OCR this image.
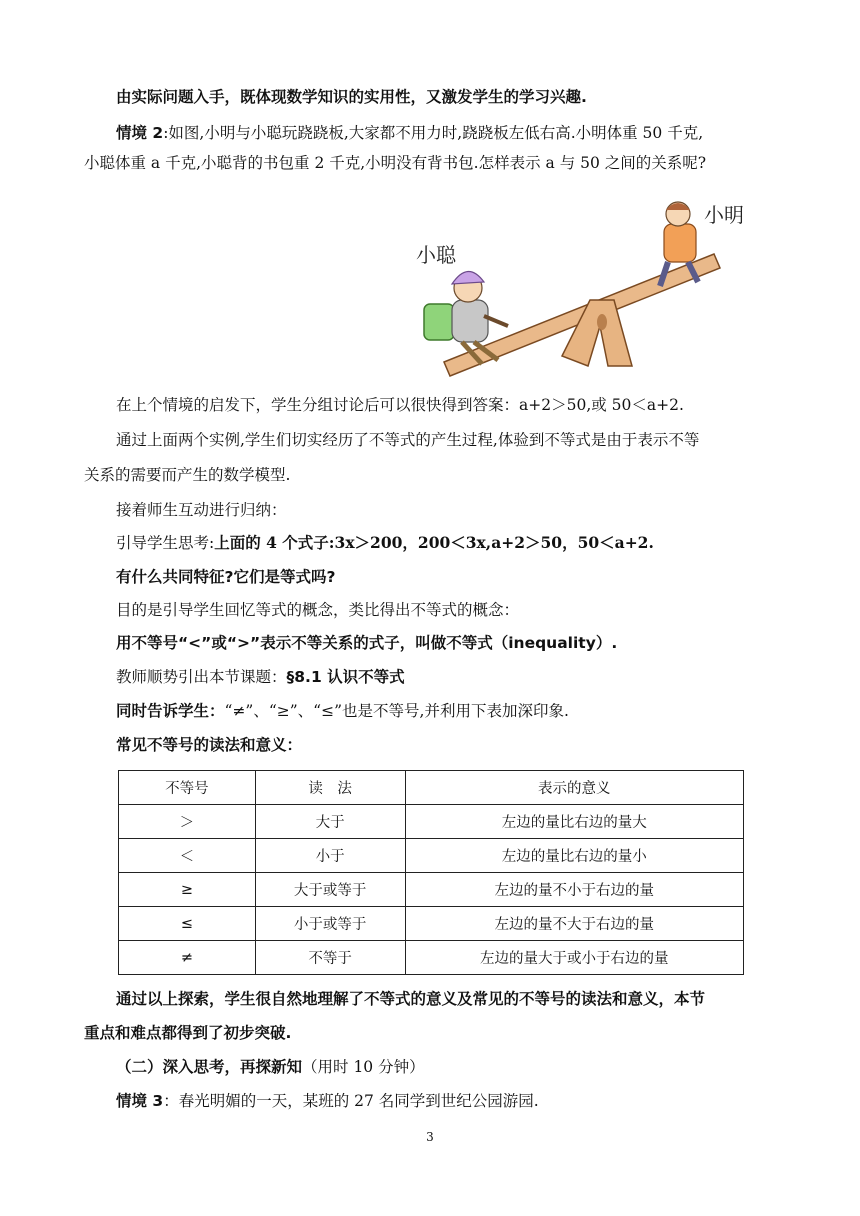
由实际问题入手，既体现数学知识的实用性，又激发学生的学习兴趣.
情境 2:如图,小明与小聪玩跷跷板,大家都不用力时,跷跷板左低右高.小明体重 50 千克,
小聪体重 a 千克,小聪背的书包重 2 千克,小明没有背书包.怎样表示 a 与 50 之间的关系呢?
小聪
小明
在上个情境的启发下，学生分组讨论后可以很快得到答案：a+2＞50,或 50＜a+2.
通过上面两个实例,学生们切实经历了不等式的产生过程,体验到不等式是由于表示不等
关系的需要而产生的数学模型.
接着师生互动进行归纳：
引导学生思考:上面的 4 个式子:3x＞200，200＜3x,a+2＞50，50＜a+2.
有什么共同特征?它们是等式吗?
目的是引导学生回忆等式的概念，类比得出不等式的概念：
用不等号“<”或“>”表示不等关系的式子，叫做不等式（inequality）.
教师顺势引出本节课题：§8.1 认识不等式
同时告诉学生：“≠”、“≥”、“≤”也是不等号,并利用下表加深印象.
常见不等号的读法和意义：
不等号	读　法	表示的意义
＞	大于	左边的量比右边的量大
＜	小于	左边的量比右边的量小
≥	大于或等于	左边的量不小于右边的量
≤	小于或等于	左边的量不大于右边的量
≠	不等于	左边的量大于或小于右边的量
通过以上探索，学生很自然地理解了不等式的意义及常见的不等号的读法和意义，本节
重点和难点都得到了初步突破.
（二）深入思考，再探新知（用时 10 分钟）
情境 3：春光明媚的一天，某班的 27 名同学到世纪公园游园.
3
